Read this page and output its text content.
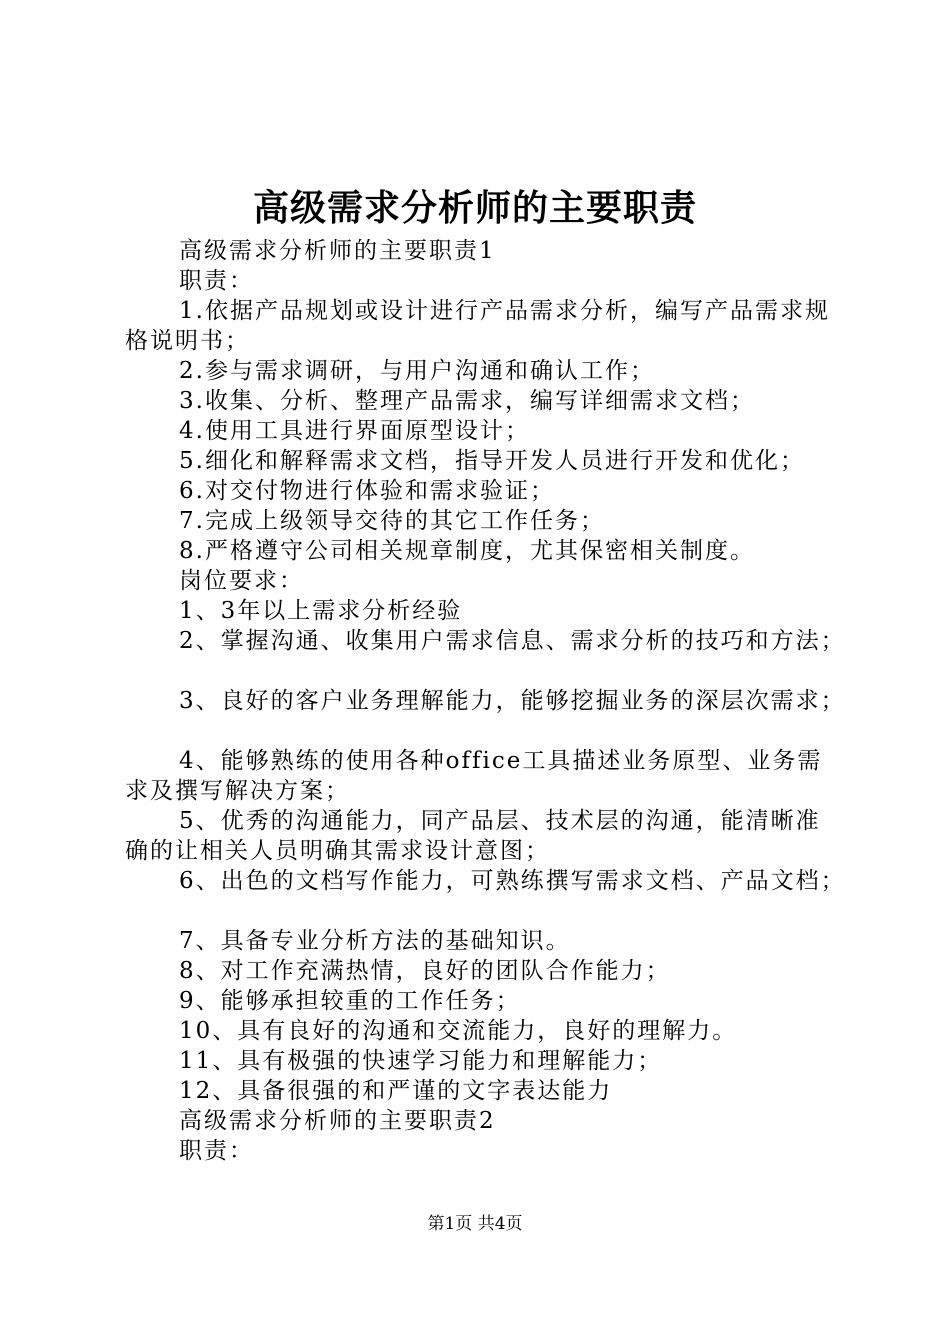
高级需求分析师的主要职责

高级需求分析师的主要职责1

职责：

1.依据产品规划或设计进行产品需求分析，编写产品需求规格说明书；

2.参与需求调研，与用户沟通和确认工作；

3.收集、分析、整理产品需求，编写详细需求文档；

4.使用工具进行界面原型设计；

5.细化和解释需求文档，指导开发人员进行开发和优化；

6.对交付物进行体验和需求验证；

7.完成上级领导交待的其它工作任务；

8.严格遵守公司相关规章制度，尤其保密相关制度。

岗位要求：

1、3年以上需求分析经验

2、掌握沟通、收集用户需求信息、需求分析的技巧和方法；

3、良好的客户业务理解能力，能够挖掘业务的深层次需求；

4、能够熟练的使用各种office工具描述业务原型、业务需求及撰写解决方案；

5、优秀的沟通能力，同产品层、技术层的沟通，能清晰准确的让相关人员明确其需求设计意图；

6、出色的文档写作能力，可熟练撰写需求文档、产品文档；

7、具备专业分析方法的基础知识。

8、对工作充满热情，良好的团队合作能力；

9、能够承担较重的工作任务；

10、具有良好的沟通和交流能力，良好的理解力。

11、具有极强的快速学习能力和理解能力；

12、具备很强的和严谨的文字表达能力

高级需求分析师的主要职责2

职责：

第1页 共4页
